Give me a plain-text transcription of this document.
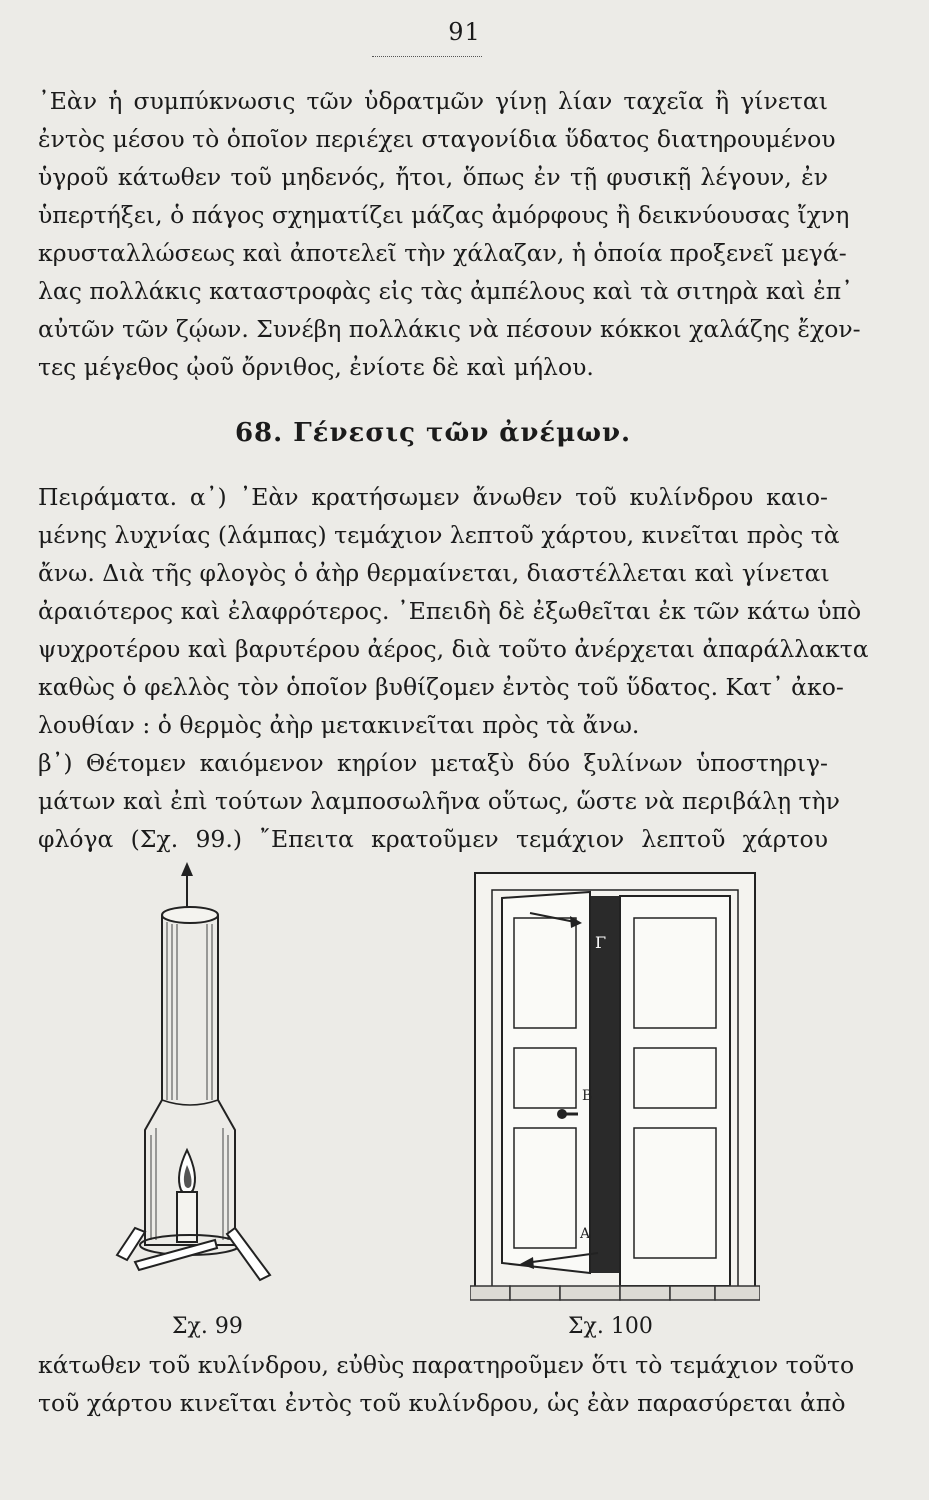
91
᾽Εὰν ἡ συμπύκνωσις τῶν ὑδρατμῶν γίνῃ λίαν ταχεῖα ἢ γίνεται
ἐντὸς μέσου τὸ ὁποῖον περιέχει σταγονίδια ὕδατος διατηρουμένου
ὑγροῦ κάτωθεν τοῦ μηδενός, ἤτοι, ὅπως ἐν τῇ φυσικῇ λέγουν, ἐν
ὑπερτήξει, ὁ πάγος σχηματίζει μάζας ἀμόρφους ἢ δεικνύουσας ἴχνη
κρυσταλλώσεως καὶ ἀποτελεῖ τὴν χάλαζαν, ἡ ὁποία προξενεῖ μεγά-
λας πολλάκις καταστροφὰς εἰς τὰς ἀμπέλους καὶ τὰ σιτηρὰ καὶ ἐπ᾽
αὐτῶν τῶν ζῴων. Συνέβη πολλάκις νὰ πέσουν κόκκοι χαλάζης ἔχον-
τες μέγεθος ᾠοῦ ὄρνιθος, ἐνίοτε δὲ καὶ μήλου.
68. Γένεσις τῶν ἀνέμων.
Πειράματα. α᾽) ᾽Εὰν κρατήσωμεν ἄνωθεν τοῦ κυλίνδρου καιο-
μένης λυχνίας (λάμπας) τεμάχιον λεπτοῦ χάρτου, κινεῖται πρὸς τὰ
ἄνω. Διὰ τῆς φλογὸς ὁ ἀὴρ θερμαίνεται, διαστέλλεται καὶ γίνεται
ἀραιότερος καὶ ἐλαφρότερος. ᾽Επειδὴ δὲ ἐξωθεῖται ἐκ τῶν κάτω ὑπὸ
ψυχροτέρου καὶ βαρυτέρου ἀέρος, διὰ τοῦτο ἀνέρχεται ἀπαράλλακτα
καθὼς ὁ φελλὸς τὸν ὁποῖον βυθίζομεν ἐντὸς τοῦ ὕδατος. Κατ᾽ ἀκο-
λουθίαν : ὁ θερμὸς ἀὴρ μετακινεῖται πρὸς τὰ ἄνω.
β᾽) Θέτομεν καιόμενον κηρίον μεταξὺ δύο ξυλίνων ὑποστηριγ-
μάτων καὶ ἐπὶ τούτων λαμποσωλῆνα οὕτως, ὥστε νὰ περιβάλῃ τὴν
φλόγα (Σχ. 99.) ῎Επειτα κρατοῦμεν τεμάχιον λεπτοῦ χάρτου
Γ
Β
Α
Σχ. 99	Σχ. 100
κάτωθεν τοῦ κυλίνδρου, εὐθὺς παρατηροῦμεν ὅτι τὸ τεμάχιον τοῦτο
τοῦ χάρτου κινεῖται ἐντὸς τοῦ κυλίνδρου, ὡς ἐὰν παρασύρεται ἀπὸ
